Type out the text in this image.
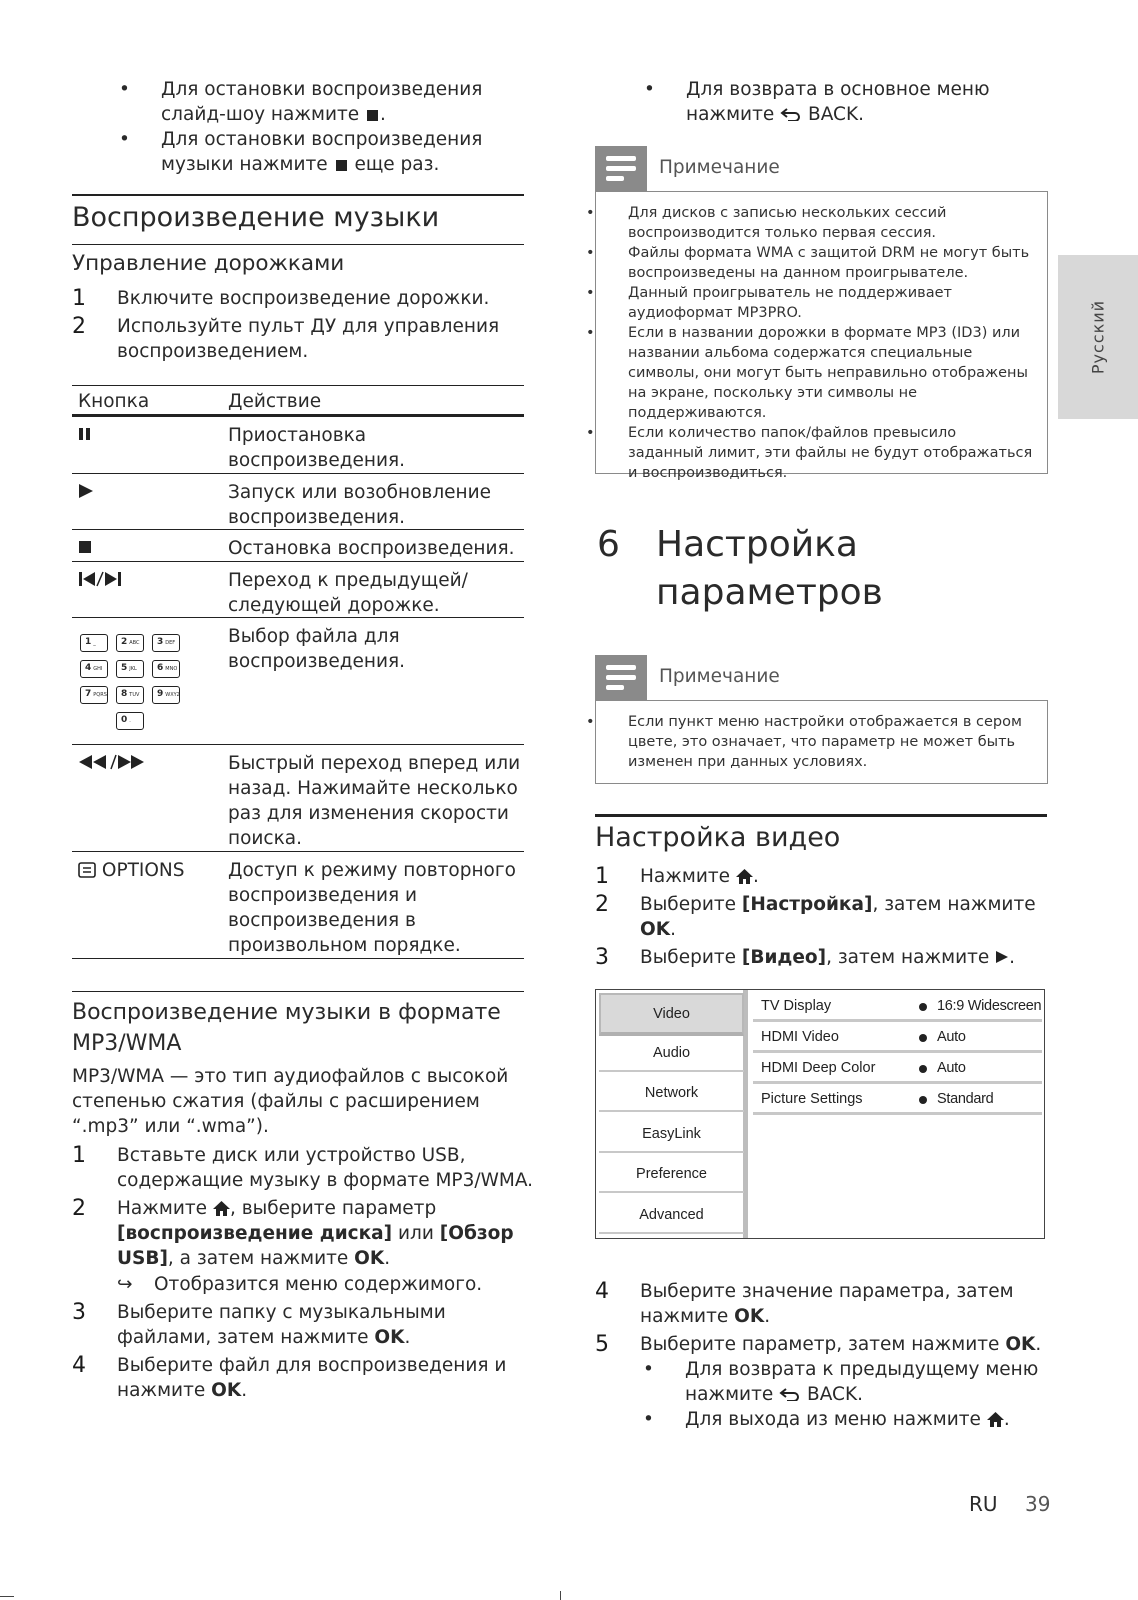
• Для остановки воспроизведения слайд-шоу нажмите .
• Для остановки воспроизведения музыки нажмите еще раз.
Воспроизведение музыки
Управление дорожками
1 Включите воспроизведение дорожки.
2 Используйте пульт ДУ для управления воспроизведением.
Кнопка	Действие
Приостановка воспроизведения.
Запуск или возобновление воспроизведения.
Остановка воспроизведения.
Переход к предыдущей/ следующей дорожке.
1 _	2 ABC	3 DEF
4 GHI	5 JKL	6 MNO
7 PQRS	8 TUV	9 WXYZ
0 .
Выбор файла для воспроизведения.
Быстрый переход вперед или назад. Нажимайте несколько раз для изменения скорости поиска.
OPTIONS Доступ к режиму повторного воспроизведения и воспроизведения в произвольном порядке.
Воспроизведение музыки в формате MP3/WMA
MP3/WMA — это тип аудиофайлов с высокой степенью сжатия (файлы с расширением “.mp3” или “.wma”).
1 Вставьте диск или устройство USB, содержащие музыку в формате MP3/WMA.
2 Нажмите , выберите параметр [воспроизведение диска] или [Обзор USB], а затем нажмите OK.
↪ Отобразится меню содержимого.
3 Выберите папку с музыкальными файлами, затем нажмите OK.
4 Выберите файл для воспроизведения и нажмите OK.
• Для возврата в основное меню нажмите BACK.
Примечание
• Для дисков с записью нескольких сессий воспроизводится только первая сессия.
• Файлы формата WMA с защитой DRM не могут быть воспроизведены на данном проигрывателе.
• Данный проигрыватель не поддерживает аудиоформат MP3PRO.
• Если в названии дорожки в формате MP3 (ID3) или названии альбома содержатся специальные символы, они могут быть неправильно отображены на экране, поскольку эти символы не поддерживаются.
• Если количество папок/файлов превысило заданный лимит, эти файлы не будут отображаться и воспроизводиться.
6 Настройка
параметров
Примечание
• Если пункт меню настройки отображается в сером цвете, это означает, что параметр не может быть изменен при данных условиях.
Настройка видео
1 Нажмите .
2 Выберите [Настройка], затем нажмите OK.
3 Выберите [Видео], затем нажмите .
Video
Audio
Network
EasyLink
Preference
Advanced
TV Display	16:9 Widescreen
HDMI Video	Auto
HDMI Deep Color	Auto
Picture Settings	Standard
4 Выберите значение параметра, затем нажмите OK.
5 Выберите параметр, затем нажмите OK.
• Для возврата к предыдущему меню нажмите BACK.
• Для выхода из меню нажмите .
Русский
RU 39
